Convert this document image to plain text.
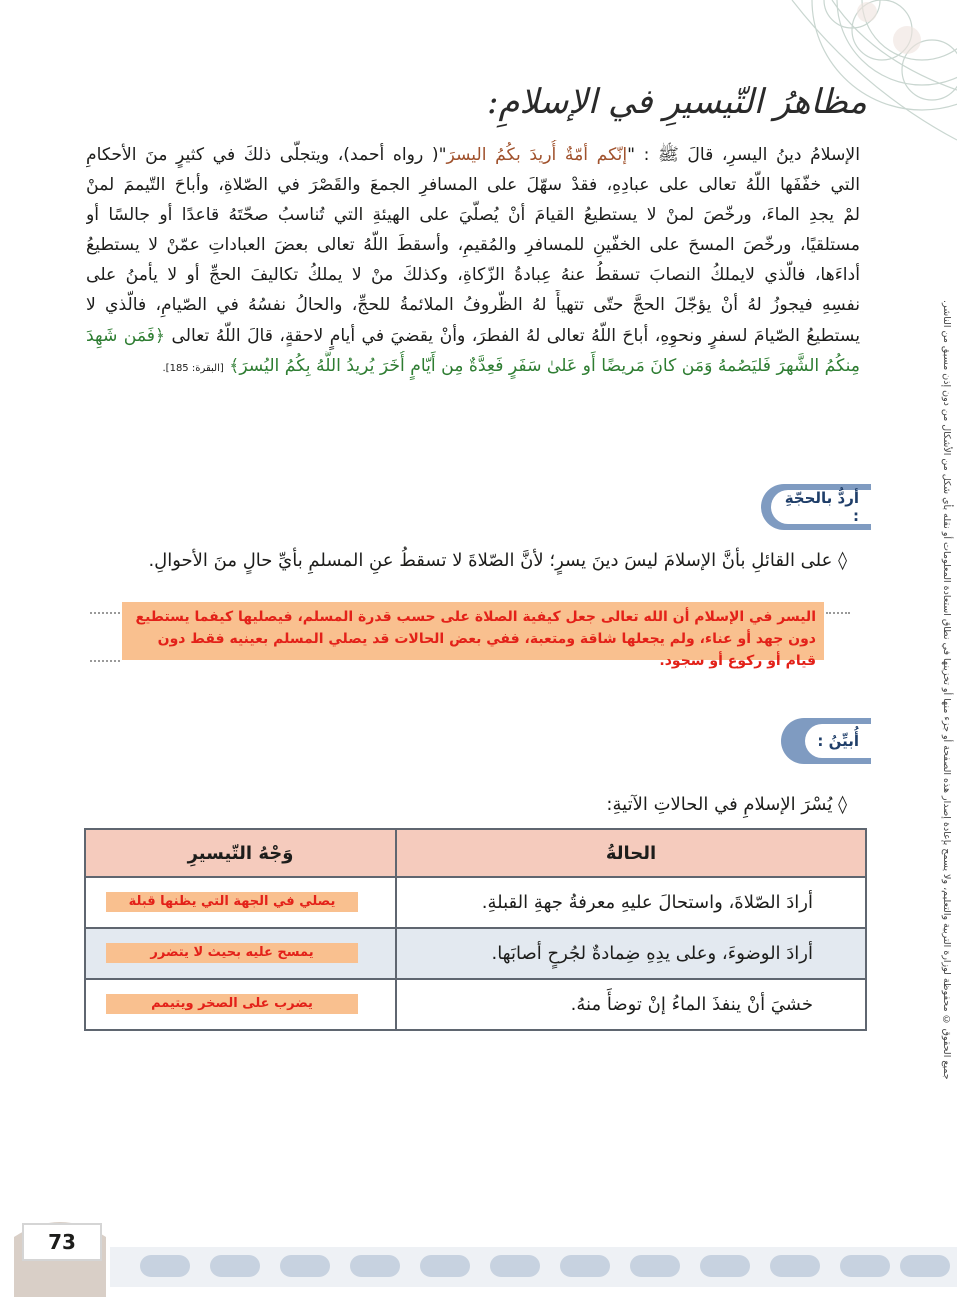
جميع الحقوق © محفوظة لوزارة التربية والتعليم، ولا يسمح بإعادة إصدار هذه الصفحة أو جزء منها أو تخزينها في نطاق استعادة المعلومات أو نقله بأي شكل من الأشكال من دون إذن مسبق من الناشر.
مظاهرُ التّيسيرِ في الإسلامِ:
الإسلامُ دينُ اليسرِ، قالَ ﷺ : "إنّكم أمّةٌ أُريدَ بكُمُ اليسرَ"( رواه أحمد)، ويتجلّى ذلكَ في كثيرٍ منَ الأحكامِ
التي خفّفَها اللّهُ تعالى على عبادِهِ، فقدْ سهّلَ على المسافرِ الجمعَ والقَصْرَ في الصّلاةِ، وأباحَ التّيممَ لمنْ
لمْ يجدِ الماءَ، ورخّصَ لمنْ لا يستطيعُ القيامَ أنْ يُصلّيَ على الهيئةِ التي تُناسبُ صحّتَهُ قاعدًا أو جالسًا أو
مستلقيًا، ورخّصَ المسحَ على الخفّينِ للمسافرِ والمُقيمِ، وأسقطَ اللّهُ تعالى بعضَ العباداتِ عمّنْ لا يستطيعُ
أداءَها، فالّذي لايملكُ النصابَ تسقطُ عنهُ عِبادةُ الزّكاةِ، وكذلكَ منْ لا يملكُ تكاليفَ الحجِّ أو لا يأمنُ على
نفسِهِ فيجوزُ لهُ أنْ يؤجّلَ الحجَّ حتّى تتهيأَ لهُ الظّروفُ الملائمةُ للحجِّ، والحالُ نفسُهُ في الصّيامِ، فالّذي لا
يستطيعُ الصّيامَ لسفرٍ ونحوِهِ، أباحَ اللّهُ تعالى لهُ الفطرَ، وأنْ يقضيَ في أيامٍ لاحقةٍ، قالَ اللّهُ تعالى ﴿فَمَن شَهِدَ
مِنكُمُ الشَّهرَ فَليَصُمهُ وَمَن كانَ مَريضًا أَو عَلىٰ سَفَرٍ فَعِدَّةٌ مِن أَيّامٍ أُخَرَ يُريدُ اللَّهُ بِكُمُ اليُسرَ﴾ [البقرة: 185].
أردُّ بالحجّةِ :
◊ على القائلِ بأنَّ الإسلامَ ليسَ دينَ يسرٍ؛ لأنَّ الصّلاةَ لا تسقطُ عنِ المسلمِ بأيِّ حالٍ منَ الأحوالِ.
اليسر في الإسلام أن الله تعالى جعل كيفية الصلاة على حسب قدرة المسلم، فيصليها كيفما يستطيع دون جهد أو عناء، ولم يجعلها شاقة ومتعبة، ففي بعض الحالات قد يصلي المسلم بعينيه فقط دون قيام أو ركوع أو سجود.
أُبيِّنُ :
◊ يُسْرَ الإسلامِ في الحالاتِ الآتيةِ:
الحالةُ	وَجْهُ التّيسيرِ
أرادَ الصّلاةَ، واستحالَ عليهِ معرفةُ جهةِ القبلةِ.	يصلي في الجهة التي يظنها قبلة

أرادَ الوضوءَ، وعلى يدِهِ ضِمادةٌ لجُرحٍ أصابَها.	يمسح عليه بحيث لا يتضرر

خشيَ أنْ ينفذَ الماءُ إنْ توضأَ منهُ.	يضرب على الصخر ويتيمم
73
